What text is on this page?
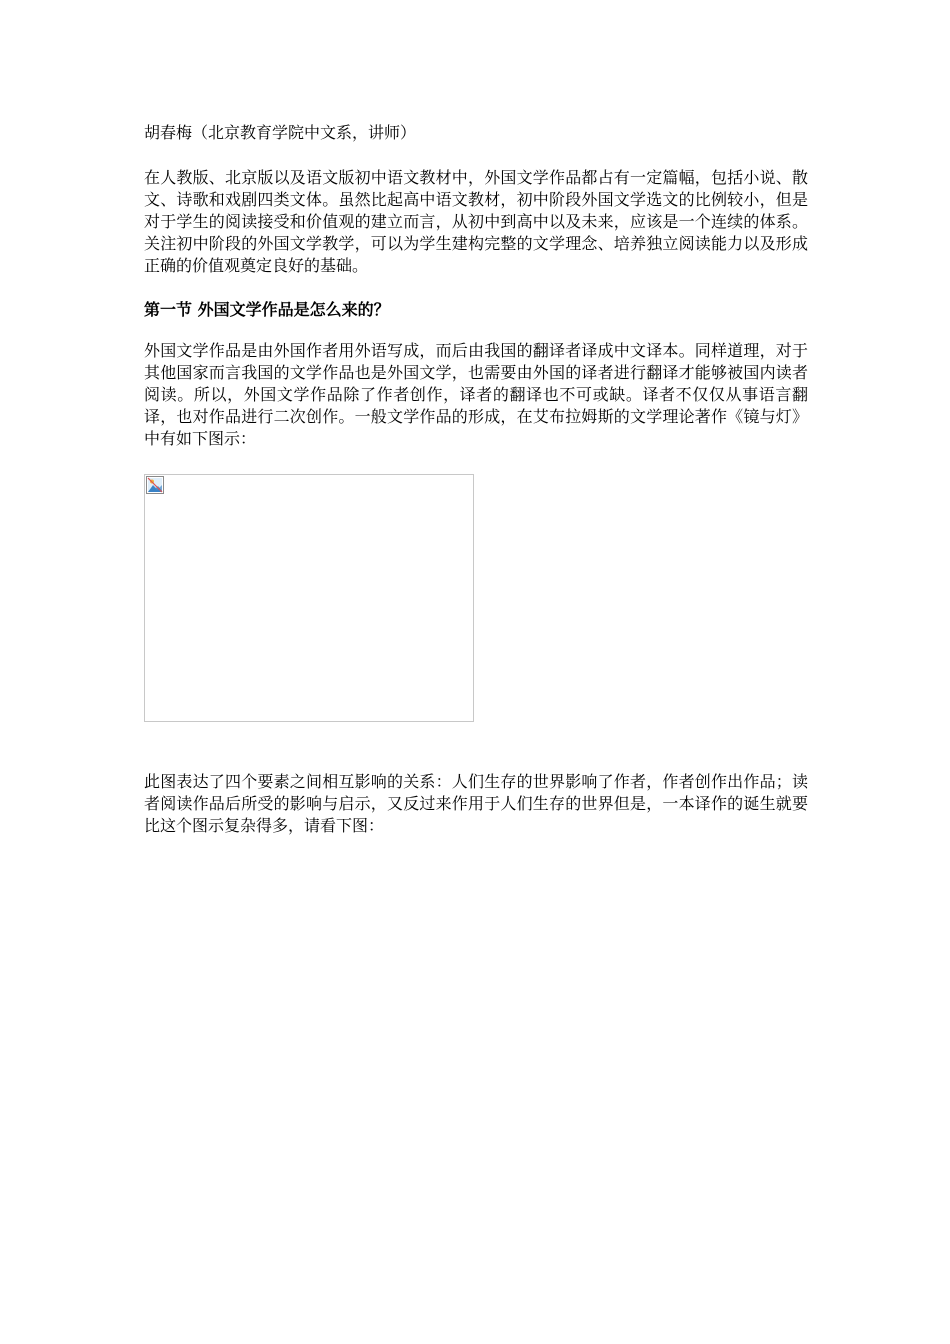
胡春梅（北京教育学院中文系，讲师）

在人教版、北京版以及语文版初中语文教材中，外国文学作品都占有一定篇幅，包括小说、散文、诗歌和戏剧四类文体。虽然比起高中语文教材，初中阶段外国文学选文的比例较小，但是对于学生的阅读接受和价值观的建立而言，从初中到高中以及未来，应该是一个连续的体系。关注初中阶段的外国文学教学，可以为学生建构完整的文学理念、培养独立阅读能力以及形成正确的价值观奠定良好的基础。

第一节 外国文学作品是怎么来的？

外国文学作品是由外国作者用外语写成，而后由我国的翻译者译成中文译本。同样道理，对于其他国家而言我国的文学作品也是外国文学，也需要由外国的译者进行翻译才能够被国内读者阅读。所以，外国文学作品除了作者创作，译者的翻译也不可或缺。译者不仅仅从事语言翻译，也对作品进行二次创作。一般文学作品的形成，在艾布拉姆斯的文学理论著作《镜与灯》中有如下图示：

此图表达了四个要素之间相互影响的关系：人们生存的世界影响了作者，作者创作出作品；读者阅读作品后所受的影响与启示，又反过来作用于人们生存的世界但是，一本译作的诞生就要比这个图示复杂得多，请看下图：
